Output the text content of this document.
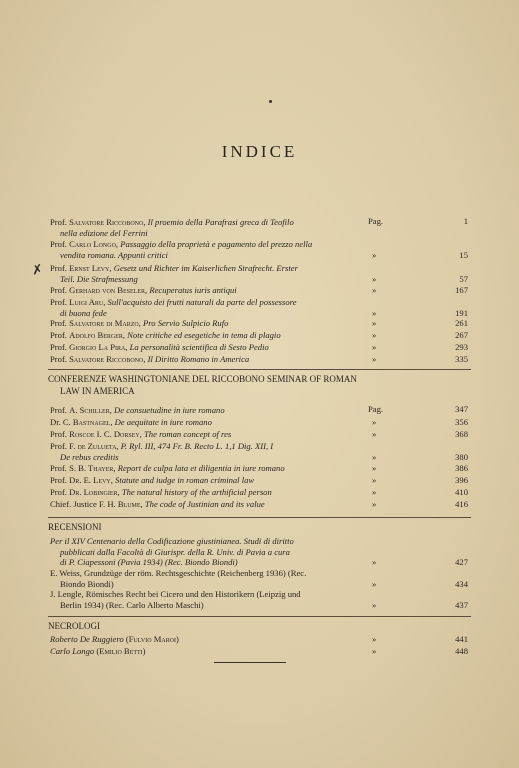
INDICE
✗
Prof. Salvatore Riccobono, Il proemio della Parafrasi greca di Teofilo
nella edizione del Ferrini
Pag.	1
Prof. Carlo Longo, Passaggio della proprietà e pagamento del prezzo nella
vendita romana. Appunti critici	»	15
Prof. Ernst Levy, Gesetz und Richter im Kaiserlichen Strafrecht. Erster
Teil. Die Strafmessung	»	57
Prof. Gerhard von Beseler, Recuperatus iuris antiqui	»	167
Prof. Luigi Aru, Sull'acquisto dei frutti naturali da parte del possessore
di buona fede	»	191
Prof. Salvatore di Marzo, Pro Servio Sulpicio Rufo	»	261
Prof. Adolfo Berger, Note critiche ed esegetiche in tema di plagio	»	267
Prof. Giorgio La Pira, La personalità scientifica di Sesto Pedio	»	293
Prof. Salvatore Riccobono, Il Diritto Romano in America	»	335
CONFERENZE WASHINGTONIANE DEL RICCOBONO SEMINAR OF ROMAN
LAW IN AMERICA
Prof. A. Schiller, De consuetudine in iure romano	Pag.	347
Dr. C. Bastnagel, De aequitate in iure romano	»	356
Prof. Roscoe I. C. Dorsey, The roman concept of res	»	368
Prof. F. de Zulueta, P. Ryl. III, 474 Fr. B. Recto L. 1,1 Dig. XII, I
De rebus creditis	»	380
Prof. S. B. Thayer, Report de culpa lata et diligentia in iure romano	»	386
Prof. Dr. E. Levy, Statute and iudge in roman criminal law	»	396
Prof. Dr. Lobingier, The natural history of the arthificial person	»	410
Chief. Justice F. H. Blume, The code of Justinian and its value	»	416
RECENSIONI
Per il XIV Centenario della Codificazione giustinianea. Studi di diritto
pubblicati dalla Facoltà di Giurispr. della R. Univ. di Pavia a cura
di P. Ciapessoni (Pavia 1934) (Rec. Biondo Biondi)	»	427
E. Weiss, Grundzüge der röm. Rechtsgeschichte (Reichenberg 1936) (Rec.
Biondo Biondi)	»	434
J. Lengle, Römisches Recht bei Cicero und den Historikern (Leipzig und
Berlin 1934) (Rec. Carlo Alberto Maschi)	»	437
NECROLOGI
Roberto De Ruggiero (Fulvio Maroi)	»	441
Carlo Longo (Emilio Betti)	»	448
